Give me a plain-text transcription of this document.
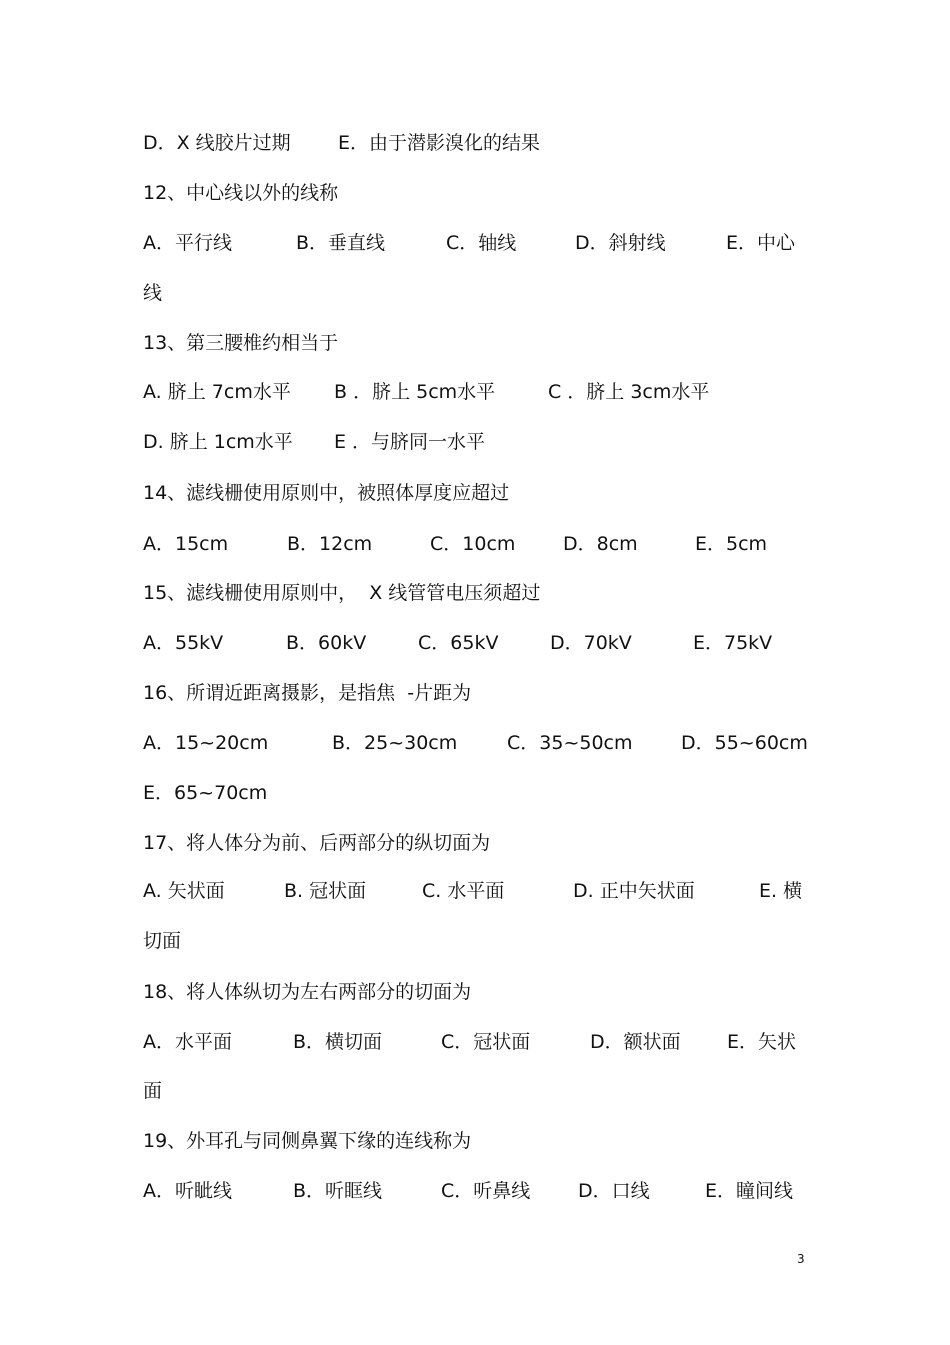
D．X 线胶片过期 E．由于潜影溴化的结果
12、中心线以外的线称
A．平行线	B．垂直线	C．轴线	D．斜射线	E．中心
线
13、第三腰椎约相当于
A. 脐上 7cm水平 B ．脐上 5cm水平	C ．脐上 3cm水平
D. 脐上 1cm水平 E ．与脐同一水平
14、滤线栅使用原则中，被照体厚度应超过
A．15cm	B．12cm	C．10cm	D．8cm	E．5cm
15、滤线栅使用原则中，  X 线管管电压须超过
A．55kV	B．60kV	C．65kV	D．70kV	E．75kV
16、所谓近距离摄影，是指焦  -片距为
A．15~20cm	B．25~30cm	C．35~50cm	D．55~60cm
E．65~70cm
17、将人体分为前、后两部分的纵切面为
A. 矢状面	B. 冠状面	C. 水平面	D. 正中矢状面	E. 横
切面
18、将人体纵切为左右两部分的切面为
A．水平面	B．横切面	C．冠状面	D．额状面 E．矢状
面
19、外耳孔与同侧鼻翼下缘的连线称为
A．听眦线	B．听眶线	C．听鼻线	D．口线	E．瞳间线
3
